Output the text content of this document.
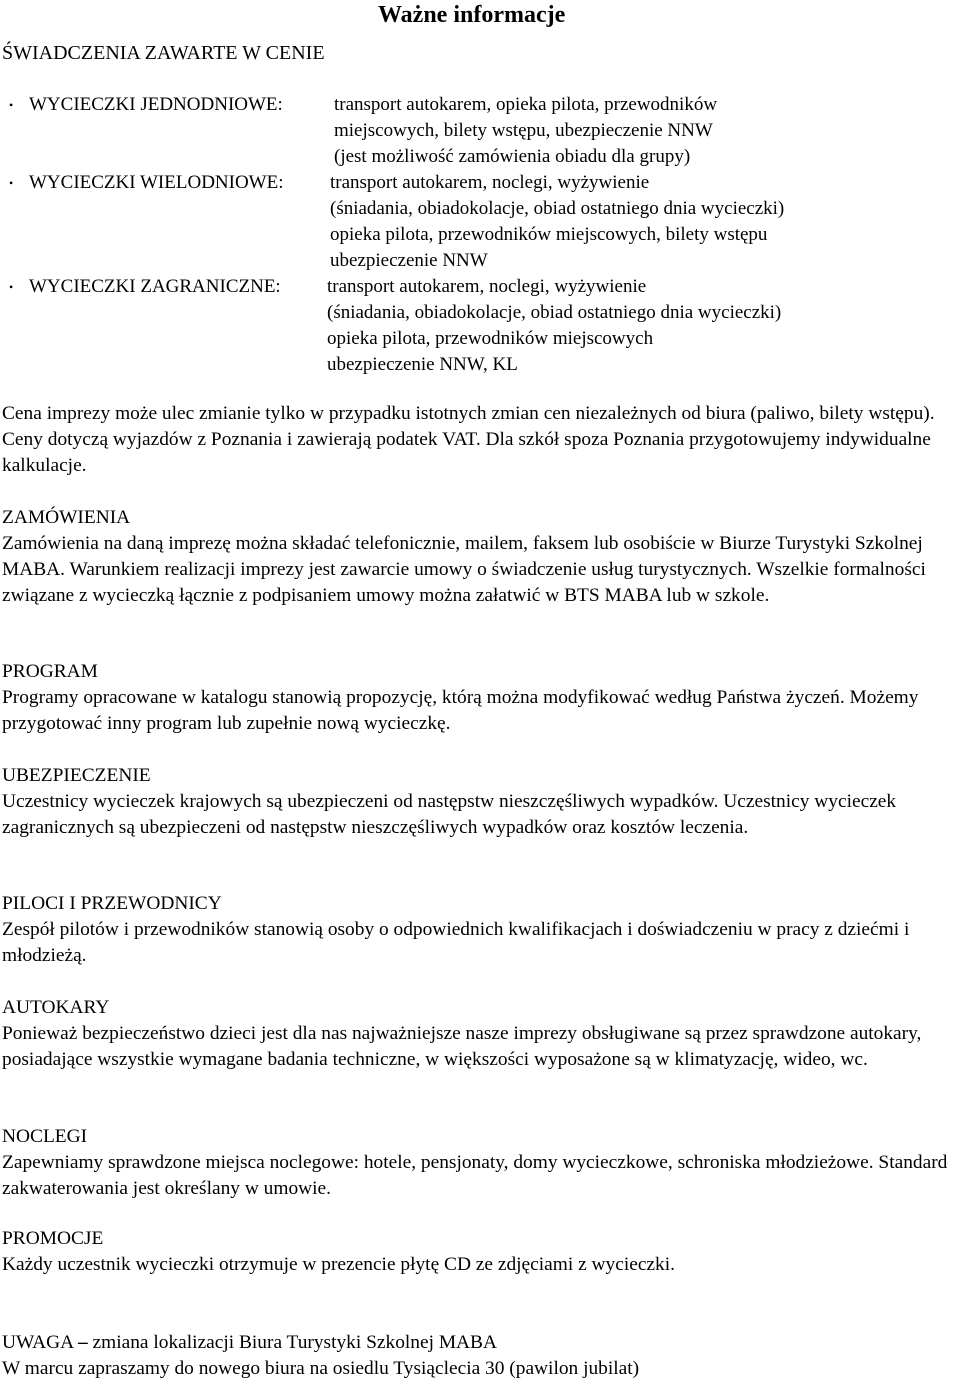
Ważne informacje
ŚWIADCZENIA ZAWARTE W CENIE
• WYCIECZKI JEDNODNIOWE:	transport autokarem, opieka pilota, przewodników
miejscowych, bilety wstępu, ubezpieczenie NNW
(jest możliwość zamówienia obiadu dla grupy)
• WYCIECZKI WIELODNIOWE: transport autokarem, noclegi, wyżywienie
(śniadania, obiadokolacje, obiad ostatniego dnia wycieczki)
opieka pilota, przewodników miejscowych, bilety wstępu
ubezpieczenie NNW
• WYCIECZKI ZAGRANICZNE: transport autokarem, noclegi, wyżywienie
(śniadania, obiadokolacje, obiad ostatniego dnia wycieczki)
opieka pilota, przewodników miejscowych
ubezpieczenie NNW, KL

Cena imprezy może ulec zmianie tylko w przypadku istotnych zmian cen niezależnych od biura (paliwo, bilety wstępu). Ceny dotyczą wyjazdów z Poznania i zawierają podatek VAT. Dla szkół spoza Poznania przygotowujemy indywidualne kalkulacje.

ZAMÓWIENIA

Zamówienia na daną imprezę można składać telefonicznie, mailem, faksem lub osobiście w Biurze Turystyki Szkolnej MABA. Warunkiem realizacji imprezy jest zawarcie umowy o świadczenie usług turystycznych. Wszelkie formalności związane z wycieczką łącznie z podpisaniem umowy można załatwić w BTS MABA lub w szkole.

PROGRAM

Programy opracowane w katalogu stanowią propozycję, którą można modyfikować według Państwa życzeń. Możemy przygotować inny program lub zupełnie nową wycieczkę.

UBEZPIECZENIE

Uczestnicy wycieczek krajowych są ubezpieczeni od następstw nieszczęśliwych wypadków. Uczestnicy wycieczek zagranicznych są ubezpieczeni od następstw nieszczęśliwych wypadków oraz kosztów leczenia.

PILOCI I PRZEWODNICY

Zespół pilotów i przewodników stanowią osoby o odpowiednich kwalifikacjach i doświadczeniu w pracy z dziećmi i młodzieżą.

AUTOKARY

Ponieważ bezpieczeństwo dzieci jest dla nas najważniejsze nasze imprezy obsługiwane są przez sprawdzone autokary, posiadające wszystkie wymagane badania techniczne, w większości wyposażone są w klimatyzację, wideo, wc.

NOCLEGI

Zapewniamy sprawdzone miejsca noclegowe: hotele, pensjonaty, domy wycieczkowe, schroniska młodzieżowe. Standard zakwaterowania jest określany w umowie.

PROMOCJE

Każdy uczestnik wycieczki otrzymuje w prezencie płytę CD ze zdjęciami z wycieczki.

UWAGA – zmiana lokalizacji Biura Turystyki Szkolnej MABA
W marcu zapraszamy do nowego biura na osiedlu Tysiąclecia 30 (pawilon jubilat)
